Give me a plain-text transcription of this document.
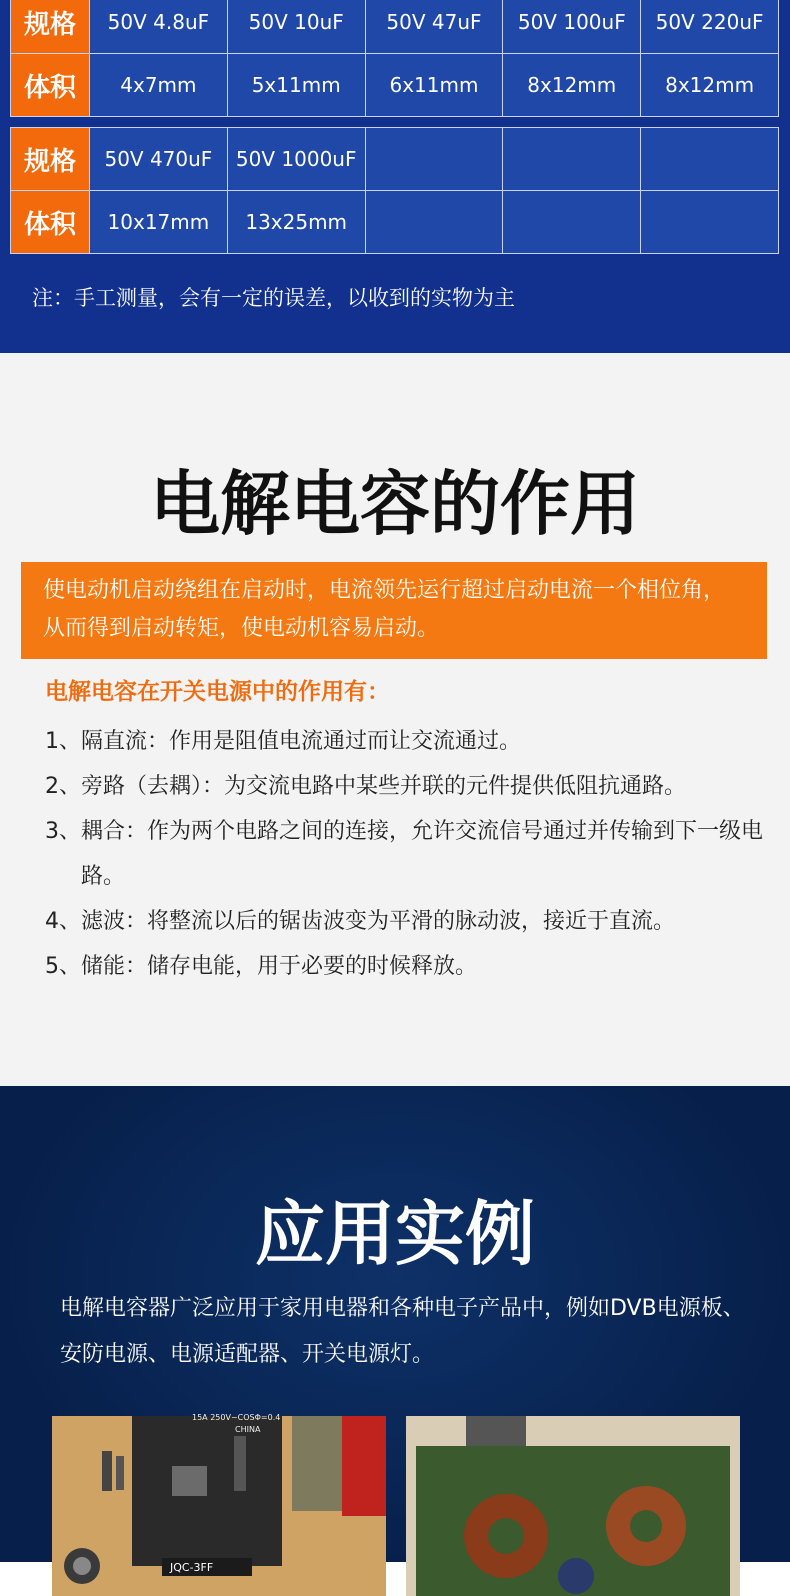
规格	50V 4.8uF	50V 10uF	50V 47uF	50V 100uF	50V 220uF
体积	4x7mm	5x11mm	6x11mm	8x12mm	8x12mm
规格	50V 470uF	50V 1000uF			
体积	10x17mm	13x25mm			
注：手工测量，会有一定的误差，以收到的实物为主
电解电容的作用
使电动机启动绕组在启动时，电流领先运行超过启动电流一个相位角，从而得到启动转矩，使电动机容易启动。
电解电容在开关电源中的作用有：
1、隔直流：作用是阻值电流通过而让交流通过。
2、旁路（去耦）：为交流电路中某些并联的元件提供低阻抗通路。
3、耦合：作为两个电路之间的连接，允许交流信号通过并传输到下一级电路。
4、滤波：将整流以后的锯齿波变为平滑的脉动波，接近于直流。
5、储能：储存电能，用于必要的时候释放。
应用实例
电解电容器广泛应用于家用电器和各种电子产品中，例如DVB电源板、安防电源、电源适配器、开关电源灯。
15A 250V~COSΦ=0.4
CHINA
JQC-3FF
